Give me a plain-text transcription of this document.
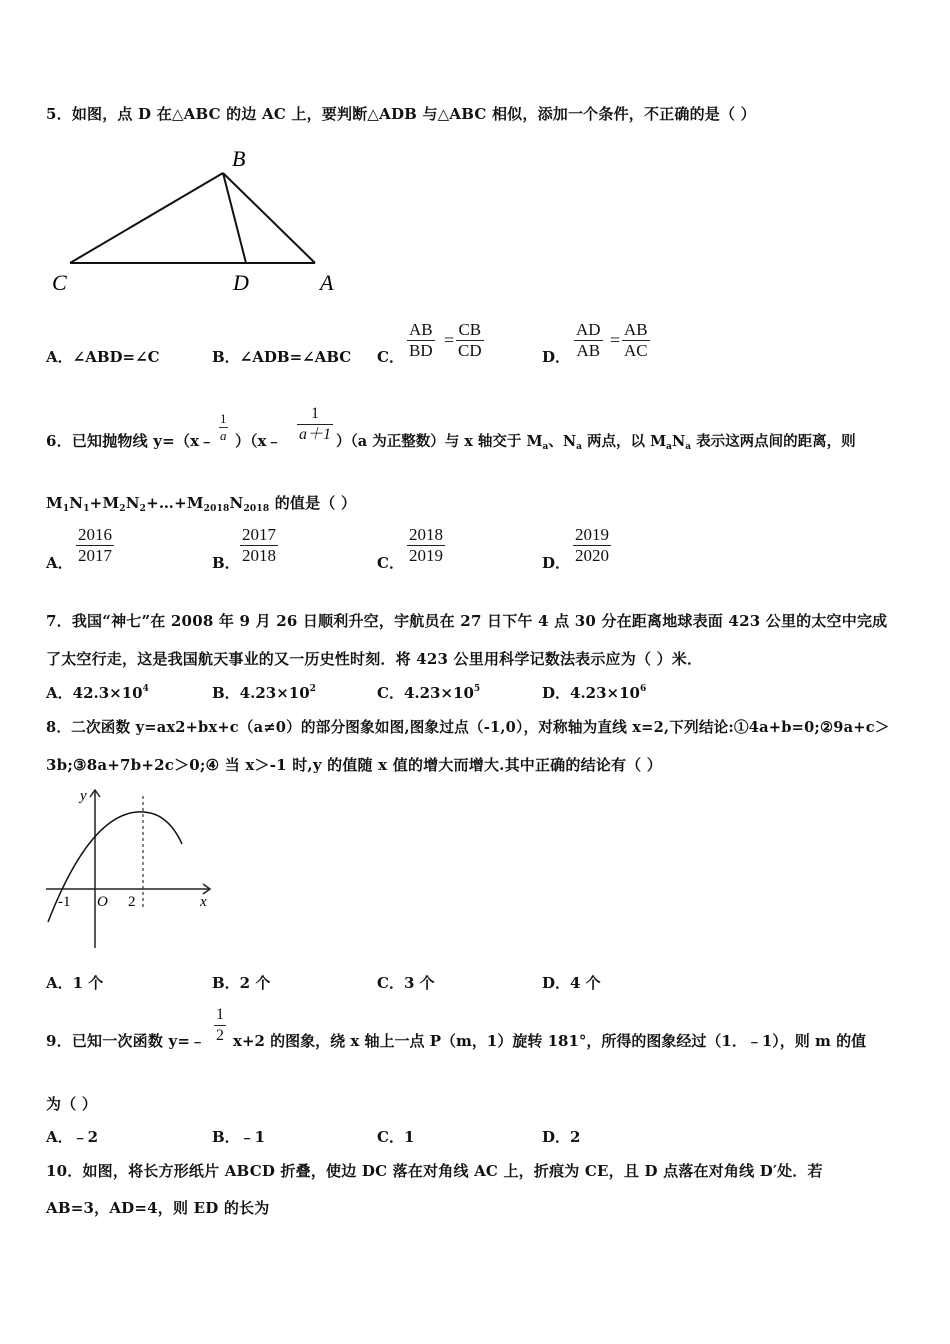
5．如图，点 D 在△ABC 的边 AC 上，要判断△ADB 与△ABC 相似，添加一个条件，不正确的是（ ）
B
C	D	A
A．∠ABD=∠C	B．∠ADB=∠ABC C． $\frac{AB}{BD} = \frac{CB}{CD}$	D． $\frac{AD}{AB} = \frac{AB}{AC}$
6．已知抛物线 y=（x﹣ $\frac{1}{a}$ ）（x﹣ $\frac{1}{a+1} )(a$ 为正整数）与 x 轴交于 $M_a$、$N_a$ 两点，以 $M_aN_a$ 表示这两点间的距离，则
$M_1N_1+M_2N_2+\dots+M_{2018}N_{2018}$ 的值是（ ）
A． $\frac{2016}{2017}$	B． $\frac{2017}{2018}$	C． $\frac{2018}{2019}$	D． $\frac{2019}{2020}$
7．我国“神七”在 2008 年 9 月 26 日顺利升空，宇航员在 27 日下午 4 点 30 分在距离地球表面 423 公里的太空中完成
了太空行走，这是我国航天事业的又一历史性时刻．将 423 公里用科学记数法表示应为（ ）米．
A．$42.3\times 10^4$	B．$4.23\times 10^2$	C．$4.23\times 10^5$	D．$4.23\times 10^6$
8．二次函数 y=ax2+bx+c（a≠0）的部分图象如图,图象过点（-1,0），对称轴为直线 x=2,下列结论:①4a+b=0;②9a+c＞
3b;③8a+7b+2c＞0;④ 当 x＞-1 时,y 的值随 x 值的增大而增大.其中正确的结论有（ ）
y
x
O
-1	2
A．1 个	B．2 个	C．3 个	D．4 个
9．已知一次函数 y=﹣ $\frac{1}{2} x+2$ 的图象，绕 x 轴上一点 P（m，1）旋转 181°，所得的图象经过（1．﹣1），则 m 的值
为（ ）
A．﹣2	B．﹣1	C．1	D．2
10．如图，将长方形纸片 ABCD 折叠，使边 DC 落在对角线 AC 上，折痕为 CE，且 D 点落在对角线 D′处．若
AB=3，AD=4，则 ED 的长为
